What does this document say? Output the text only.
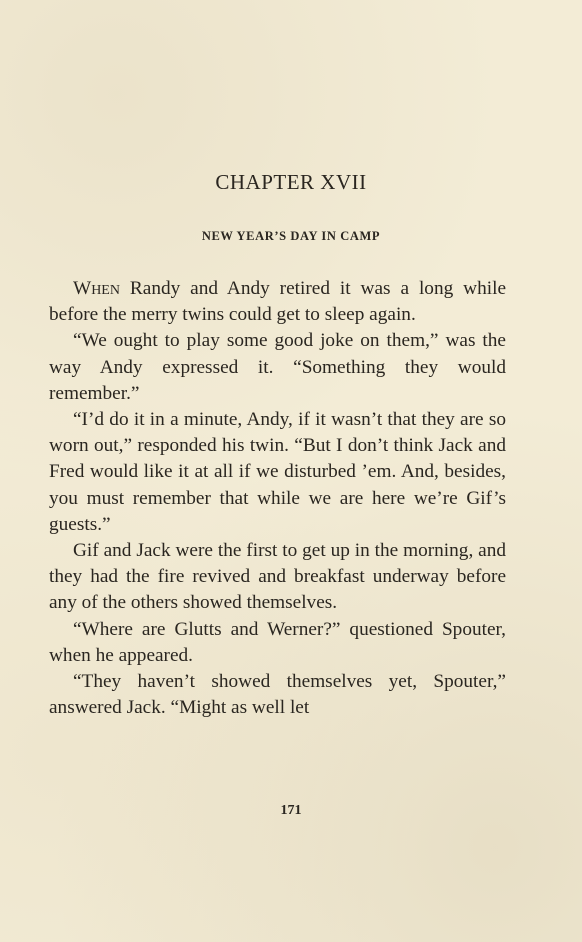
CHAPTER XVII
NEW YEAR’S DAY IN CAMP

When Randy and Andy retired it was a long while before the merry twins could get to sleep again.

“We ought to play some good joke on them,” was the way Andy expressed it. “Something they would remember.”

“I’d do it in a minute, Andy, if it wasn’t that they are so worn out,” responded his twin. “But I don’t think Jack and Fred would like it at all if we disturbed ’em. And, besides, you must remember that while we are here we’re Gif’s guests.”

Gif and Jack were the first to get up in the morning, and they had the fire revived and breakfast underway before any of the others showed themselves.

“Where are Glutts and Werner?” questioned Spouter, when he appeared.

“They haven’t showed themselves yet, Spouter,” answered Jack. “Might as well let

171
